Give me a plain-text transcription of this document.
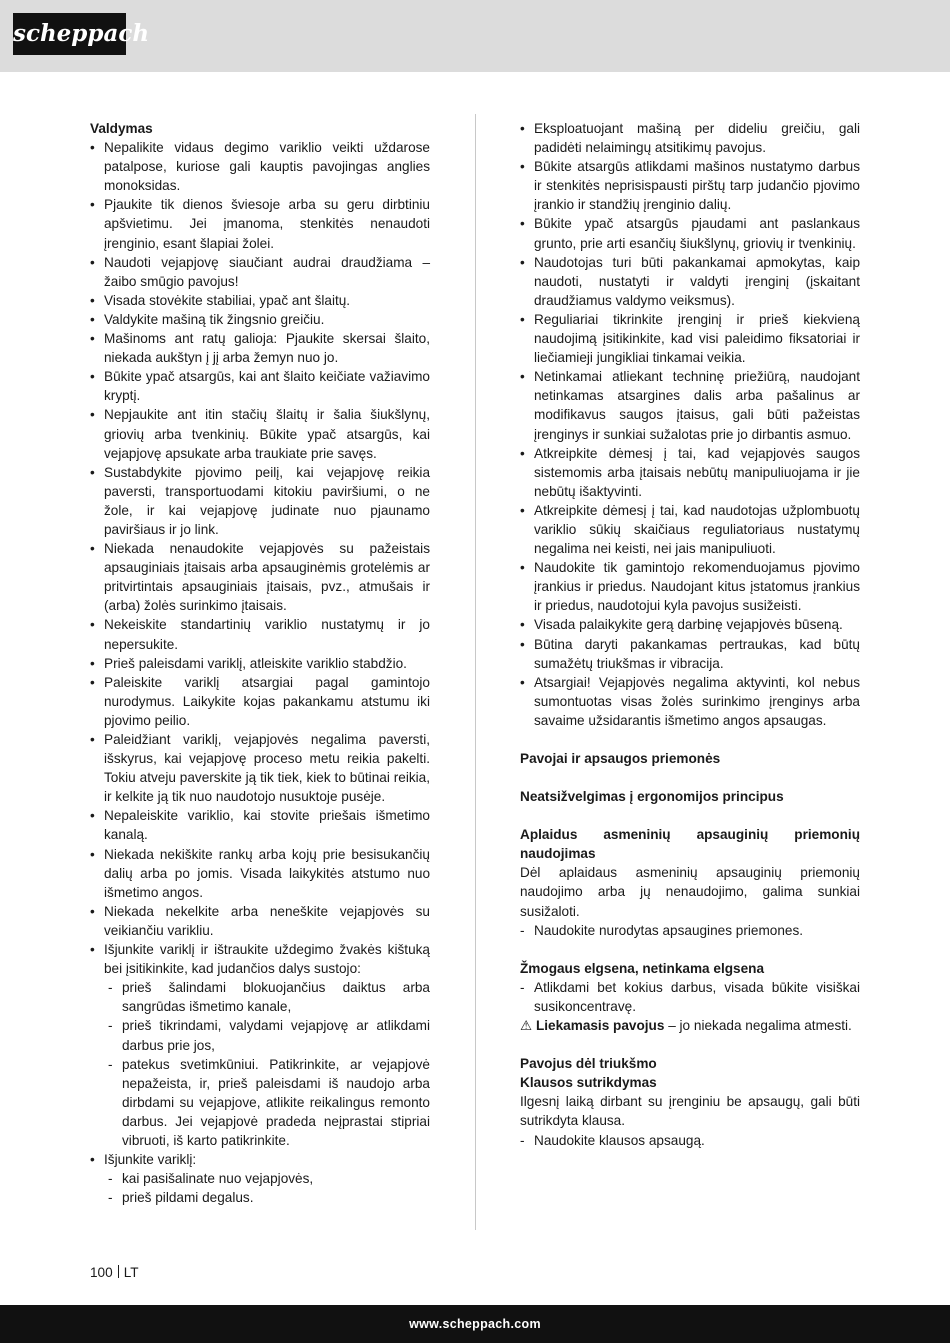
scheppach
Valdymas
• Nepalikite vidaus degimo variklio veikti uždarose patalpose, kuriose gali kauptis pavojingas anglies monoksidas.
• Pjaukite tik dienos šviesoje arba su geru dirbtiniu apšvietimu. Jei įmanoma, stenkitės nenaudoti įrenginio, esant šlapiai žolei.
• Naudoti vejapjovę siaučiant audrai draudžiama – žaibo smūgio pavojus!
• Visada stovėkite stabiliai, ypač ant šlaitų.
• Valdykite mašiną tik žingsnio greičiu.
• Mašinoms ant ratų galioja: Pjaukite skersai šlaito, niekada aukštyn į jį arba žemyn nuo jo.
• Būkite ypač atsargūs, kai ant šlaito keičiate važiavimo kryptį.
• Nepjaukite ant itin stačių šlaitų ir šalia šiukšlynų, griovių arba tvenkinių. Būkite ypač atsargūs, kai vejapjovę apsukate arba traukiate prie savęs.
• Sustabdykite pjovimo peilį, kai vejapjovę reikia paversti, transportuodami kitokiu paviršiumi, o ne žole, ir kai vejapjovę judinate nuo pjaunamo paviršiaus ir jo link.
• Niekada nenaudokite vejapjovės su pažeistais apsauginiais įtaisais arba apsauginėmis grotelėmis ar pritvirtintais apsauginiais įtaisais, pvz., atmušais ir (arba) žolės surinkimo įtaisais.
• Nekeiskite standartinių variklio nustatymų ir jo nepersukite.
• Prieš paleisdami variklį, atleiskite variklio stabdžio.
• Paleiskite variklį atsargiai pagal gamintojo nurodymus. Laikykite kojas pakankamu atstumu iki pjovimo peilio.
• Paleidžiant variklį, vejapjovės negalima paversti, išskyrus, kai vejapjovę proceso metu reikia pakelti. Tokiu atveju paverskite ją tik tiek, kiek to būtinai reikia, ir kelkite ją tik nuo naudotojo nusuktoje pusėje.
• Nepaleiskite variklio, kai stovite priešais išmetimo kanalą.
• Niekada nekiškite rankų arba kojų prie besisukančių dalių arba po jomis. Visada laikykitės atstumo nuo išmetimo angos.
• Niekada nekelkite arba neneškite vejapjovės su veikiančiu varikliu.
• Išjunkite variklį ir ištraukite uždegimo žvakės kištuką bei įsitikinkite, kad judančios dalys sustojo:
- prieš šalindami blokuojančius daiktus arba sangrūdas išmetimo kanale,
- prieš tikrindami, valydami vejapjovę ar atlikdami darbus prie jos,
- patekus svetimkūniui. Patikrinkite, ar vejapjovė nepažeista, ir, prieš paleisdami iš naudojo arba dirbdami su vejapjove, atlikite reikalingus remonto darbus. Jei vejapjovė pradeda neįprastai stipriai vibruoti, iš karto patikrinkite.
• Išjunkite variklį:
- kai pasišalinate nuo vejapjovės,
- prieš pildami degalus.
• Eksploatuojant mašiną per dideliu greičiu, gali padidėti nelaimingų atsitikimų pavojus.
• Būkite atsargūs atlikdami mašinos nustatymo darbus ir stenkitės neprisispausti pirštų tarp judančio pjovimo įrankio ir standžių įrenginio dalių.
• Būkite ypač atsargūs pjaudami ant paslankaus grunto, prie arti esančių šiukšlynų, griovių ir tvenkinių.
• Naudotojas turi būti pakankamai apmokytas, kaip naudoti, nustatyti ir valdyti įrenginį (įskaitant draudžiamus valdymo veiksmus).
• Reguliariai tikrinkite įrenginį ir prieš kiekvieną naudojimą įsitikinkite, kad visi paleidimo fiksatoriai ir liečiamieji jungikliai tinkamai veikia.
• Netinkamai atliekant techninę priežiūrą, naudojant netinkamas atsargines dalis arba pašalinus ar modifikavus saugos įtaisus, gali būti pažeistas įrenginys ir sunkiai sužalotas prie jo dirbantis asmuo.
• Atkreipkite dėmesį į tai, kad vejapjovės saugos sistemomis arba įtaisais nebūtų manipuliuojama ir jie nebūtų išaktyvinti.
• Atkreipkite dėmesį į tai, kad naudotojas užplombuotų variklio sūkių skaičiaus reguliatoriaus nustatymų negalima nei keisti, nei jais manipuliuoti.
• Naudokite tik gamintojo rekomenduojamus pjovimo įrankius ir priedus. Naudojant kitus įstatomus įrankius ir priedus, naudotojui kyla pavojus susižeisti.
• Visada palaikykite gerą darbinę vejapjovės būseną.
• Būtina daryti pakankamas pertraukas, kad būtų sumažėtų triukšmas ir vibracija.
• Atsargiai! Vejapjovės negalima aktyvinti, kol nebus sumontuotas visas žolės surinkimo įrenginys arba savaime užsidarantis išmetimo angos apsaugas.
Pavojai ir apsaugos priemonės
Neatsižvelgimas į ergonomijos principus
Aplaidus asmeninių apsauginių priemonių naudojimas
Dėl aplaidaus asmeninių apsauginių priemonių naudojimo arba jų nenaudojimo, galima sunkiai susižaloti.
- Naudokite nurodytas apsaugines priemones.
Žmogaus elgsena, netinkama elgsena
- Atlikdami bet kokius darbus, visada būkite visiškai susikoncentravę.
⚠ Liekamasis pavojus – jo niekada negalima atmesti.
Pavojus dėl triukšmo
Klausos sutrikdymas
Ilgesnį laiką dirbant su įrenginiu be apsaugų, gali būti sutrikdyta klausa.
- Naudokite klausos apsaugą.
100 LT
www.scheppach.com
